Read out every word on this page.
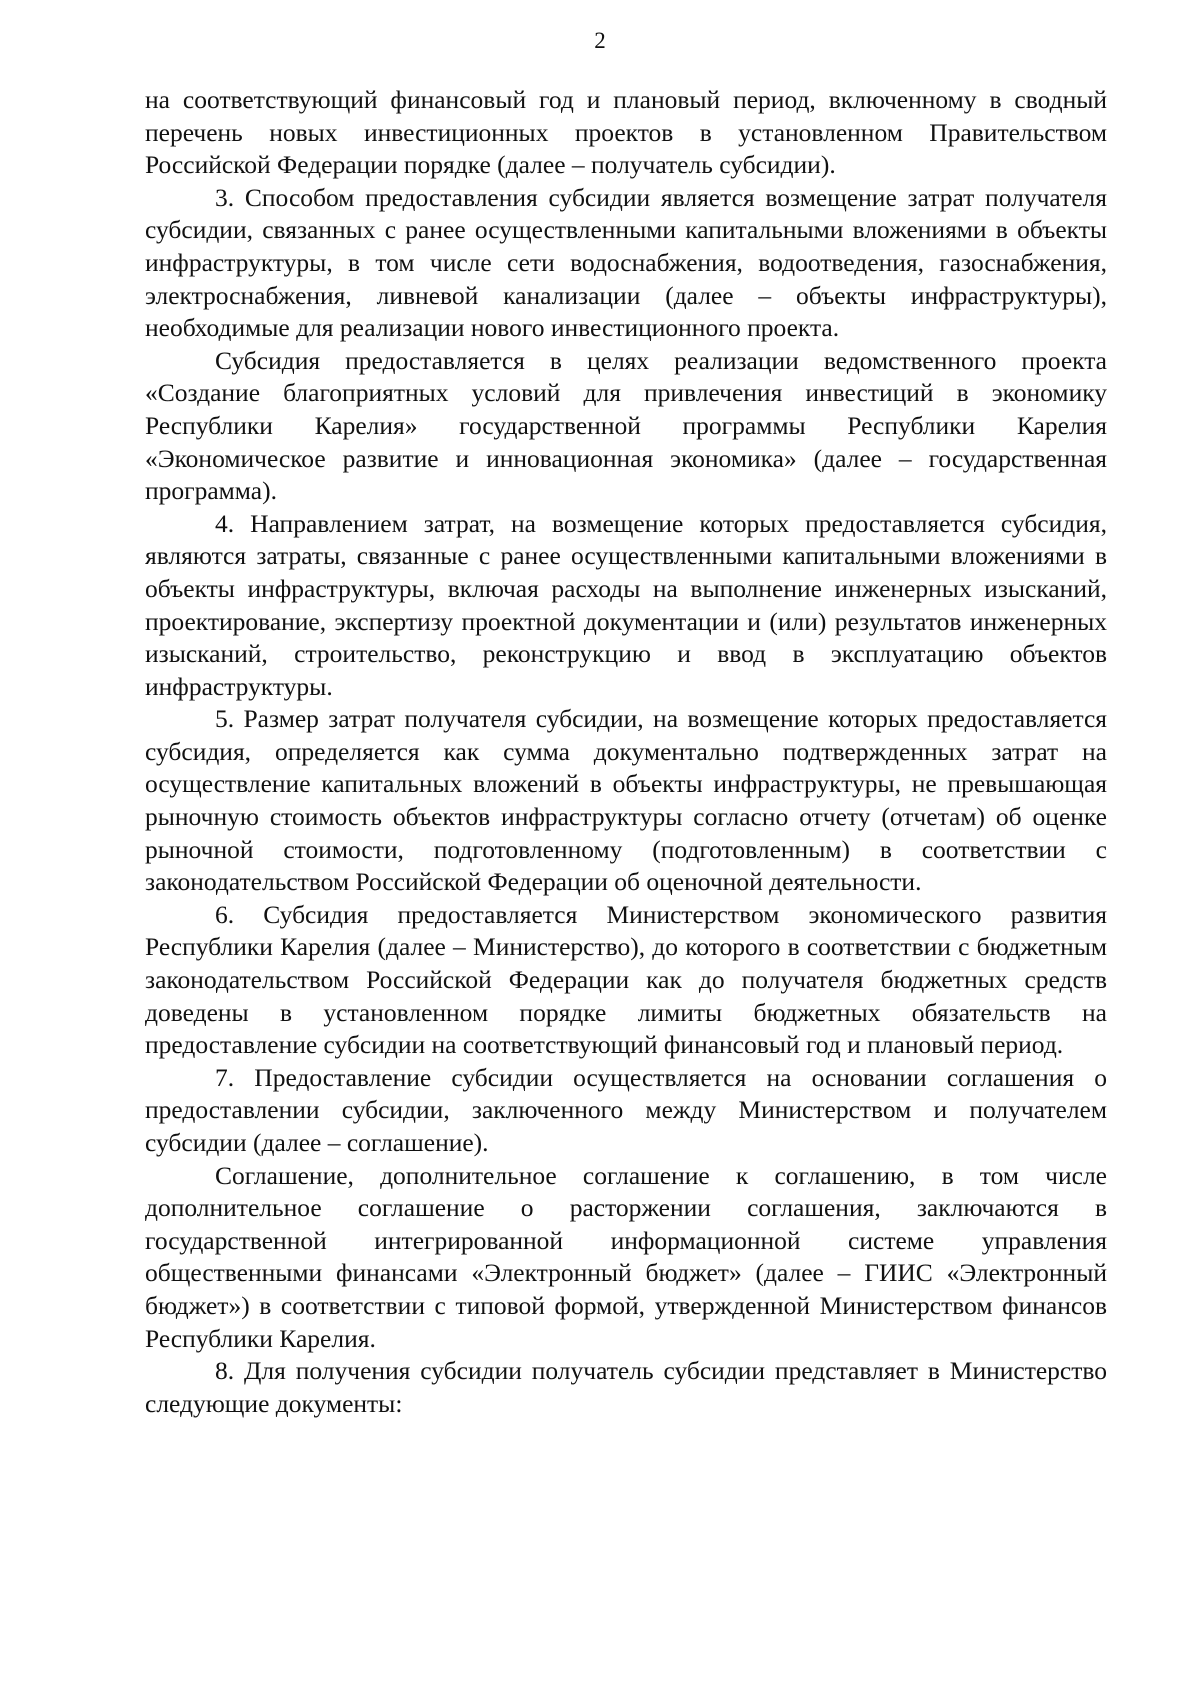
2

на соответствующий финансовый год и плановый период, включенному в сводный перечень новых инвестиционных проектов в установленном Правительством Российской Федерации порядке (далее – получатель субсидии).

3. Способом предоставления субсидии является возмещение затрат получателя субсидии, связанных с ранее осуществленными капитальными вложениями в объекты инфраструктуры, в том числе сети водоснабжения, водоотведения, газоснабжения, электроснабжения, ливневой канализации (далее – объекты инфраструктуры), необходимые для реализации нового инвестиционного проекта.

Субсидия предоставляется в целях реализации ведомственного проекта «Создание благоприятных условий для привлечения инвестиций в экономику Республики Карелия» государственной программы Республики Карелия «Экономическое развитие и инновационная экономика» (далее – государственная программа).

4. Направлением затрат, на возмещение которых предоставляется субсидия, являются затраты, связанные с ранее осуществленными капитальными вложениями в объекты инфраструктуры, включая расходы на выполнение инженерных изысканий, проектирование, экспертизу проектной документации и (или) результатов инженерных изысканий, строительство, реконструкцию и ввод в эксплуатацию объектов инфраструктуры.

5. Размер затрат получателя субсидии, на возмещение которых предоставляется субсидия, определяется как сумма документально подтвержденных затрат на осуществление капитальных вложений в объекты инфраструктуры, не превышающая рыночную стоимость объектов инфраструктуры согласно отчету (отчетам) об оценке рыночной стоимости, подготовленному (подготовленным) в соответствии с законодательством Российской Федерации об оценочной деятельности.

6. Субсидия предоставляется Министерством экономического развития Республики Карелия (далее – Министерство), до которого в соответствии с бюджетным законодательством Российской Федерации как до получателя бюджетных средств доведены в установленном порядке лимиты бюджетных обязательств на предоставление субсидии на соответствующий финансовый год и плановый период.

7. Предоставление субсидии осуществляется на основании соглашения о предоставлении субсидии, заключенного между Министерством и получателем субсидии (далее – соглашение).

Соглашение, дополнительное соглашение к соглашению, в том числе дополнительное соглашение о расторжении соглашения, заключаются в государственной интегрированной информационной системе управления общественными финансами «Электронный бюджет» (далее – ГИИС «Электронный бюджет») в соответствии с типовой формой, утвержденной Министерством финансов Республики Карелия.

8. Для получения субсидии получатель субсидии представляет в Министерство следующие документы:
